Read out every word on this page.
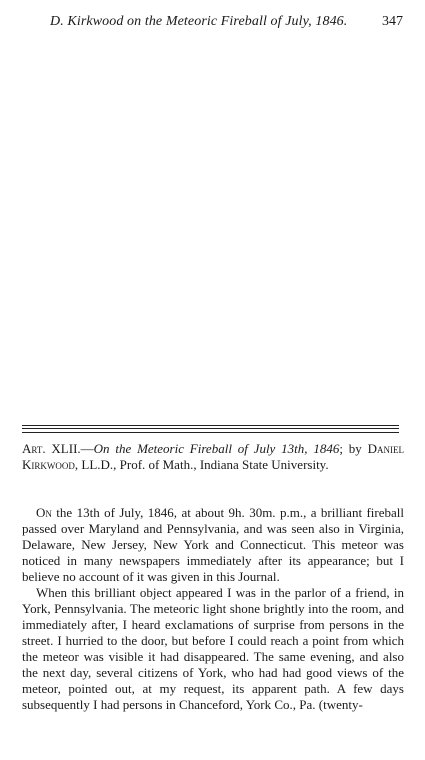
D. Kirkwood on the Meteoric Fireball of July, 1846. 347

Art. XLII.—On the Meteoric Fireball of July 13th, 1846; by Daniel Kirkwood, LL.D., Prof. of Math., Indiana State University.

On the 13th of July, 1846, at about 9h. 30m. p.m., a brilliant fireball passed over Maryland and Pennsylvania, and was seen also in Virginia, Delaware, New Jersey, New York and Connecticut. This meteor was noticed in many newspapers immediately after its appearance; but I believe no account of it was given in this Journal.

When this brilliant object appeared I was in the parlor of a friend, in York, Pennsylvania. The meteoric light shone brightly into the room, and immediately after, I heard exclamations of surprise from persons in the street. I hurried to the door, but before I could reach a point from which the meteor was visible it had disappeared. The same evening, and also the next day, several citizens of York, who had had good views of the meteor, pointed out, at my request, its apparent path. A few days subsequently I had persons in Chanceford, York Co., Pa. (twenty-
